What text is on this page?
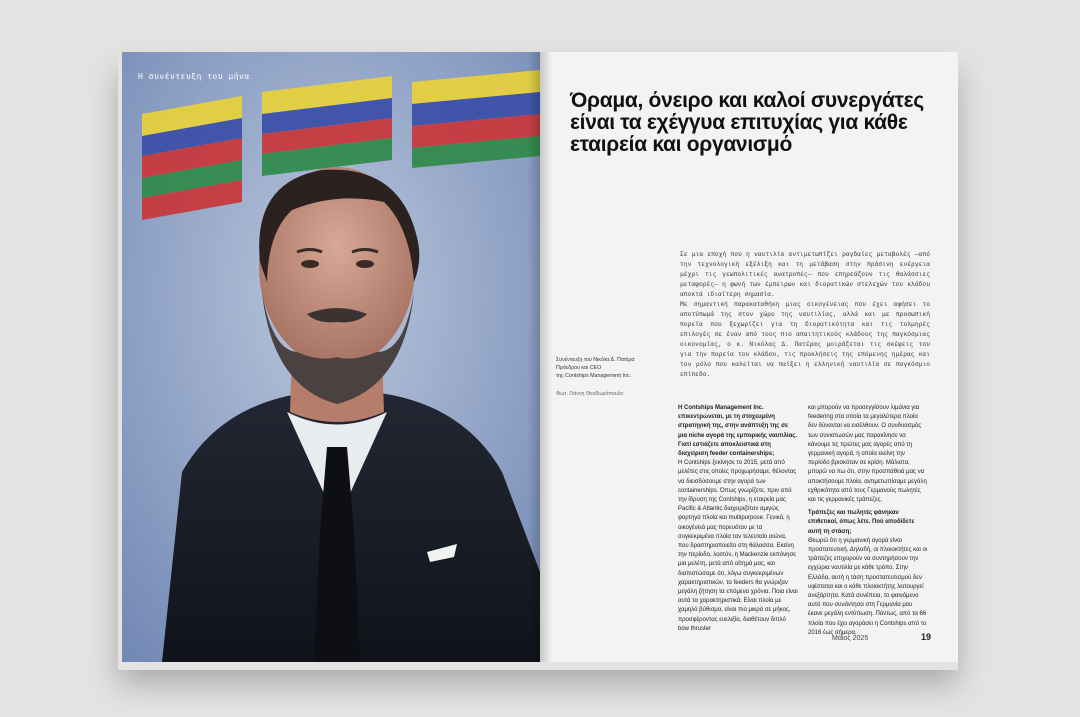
Η συνέντευξη του μήνα
Όραμα, όνειρο και καλοί συνεργάτες είναι τα εχέγγυα επιτυχίας για κάθε εταιρεία και οργανισμό

Σε μια εποχή που η ναυτιλία αντιμετωπίζει ραγδαίες μεταβολές –από την τεχνολογική εξέλιξη και τη μετάβαση στην πράσινη ενέργεια μέχρι τις γεωπολιτικές ανατροπές– που επηρεάζουν τις θαλάσσιες μεταφορές– η φωνή των έμπειρων και διορατικών στελεχών του κλάδου αποκτά ιδιαίτερη σημασία.

Με σημαντική παρακαταθήκη μιας οικογένειας που έχει αφήσει το αποτύπωμά της στον χώρο της ναυτιλίας, αλλά και με προσωπική πορεία που ξεχωρίζει για τη διορατικότητα και τις τολμηρές επιλογές σε έναν από τους πιο απαιτητικούς κλάδους της παγκόσμιας οικονομίας, ο κ. Νικόλας Δ. Πατέρας μοιράζεται τις σκέψεις του για την πορεία του κλάδου, τις προκλήσεις της επόμενης ημέρας και τον ρόλο που καλείται να παίξει η ελληνική ναυτιλία σε παγκόσμιο επίπεδο.

Η Contships Management Inc. επικεντρώνεται, με τη στοχευμένη στρατηγική της, στην ανάπτυξη της σε μια niche αγορά της εμπορικής ναυτιλίας. Γιατί εστιάζετε αποκλειστικά στη διαχείριση feeder containerships;

Η Contships ξεκίνησε το 2015, μετά από μελέτες στις οποίες προχωρήσαμε, θέλοντας να διεισδύσουμε στην αγορά των containerships. Όπως γνωρίζετε, πριν από την ίδρυση της Contships, η εταιρεία μας Pacific & Atlantic διαχειριζόταν αμιγώς φορτηγά πλοία και multipurpose. Γενικά, η οικογένειά μας πορευόταν με τα συγκεκριμένα πλοία τον τελευταίο αιώνα, που δραστηριοποιείτο στη θάλασσα. Εκείνη την περίοδο, λοιπόν, η Mackenzie εκπόνησε μια μελέτη, μετά από αίτημά μας, και διαπιστώσαμε ότι, λόγω συγκεκριμένων χαρακτηριστικών, τα feeders θα γνώριζαν μεγάλη ζήτηση τα επόμενα χρόνια. Ποια είναι αυτά τα χαρακτηριστικά; Είναι πλοία με χαμηλό βύθισμα, είναι πιο μικρά σε μήκος, προσφέροντας ευελιξία, διαθέτουν διπλό bow thruster

και μπορούν να προσεγγίσουν λιμάνια για feedering στα οποία τα μεγαλύτερα πλοία δεν δύνανται να εισέλθουν. Ο συνδυασμός των συνιστωσών μας παρακίνησε να κάνουμε τις πρώτες μας αγορές από τη γερμανική αγορά, η οποία εκείνη την περίοδο βρισκόταν σε κρίση. Μάλιστα, μπορώ να πω ότι, στην προσπάθειά μας να αποκτήσουμε πλοία, αντιμετωπίσαμε μεγάλη εχθρικότητα από τους Γερμανούς πωλητές και τις γερμανικές τράπεζες.

Τράπεζες και πωλητές φάνηκαν επιθετικοί, όπως λέτε. Πού αποδίδετε αυτή τη στάση;

Θεωρώ ότι η γερμανική αγορά είναι προστατευτική. Δηλαδή, οι πλοιοκτήτες και οι τράπεζες επιχειρούν να συντηρήσουν την εγχώρια ναυτιλία με κάθε τρόπο. Στην Ελλάδα, αυτή η τάση προστατευτισμού δεν υφίσταται και ο κάθε πλοιοκτήτης λειτουργεί ανεξάρτητα. Κατά συνέπεια, το φαινόμενο αυτό που συνάντησα στη Γερμανία μου έκανε μεγάλη εντύπωση. Πάντως, από τα 66 πλοία που έχει αγοράσει η Contships από το 2016 έως σήμερα,

Μάιος 2025	19
Συνέντευξη του Νικόλα Δ. Πατέρα
Πρόεδρου και CEO
της Contships Management Inc.
Φωτ. Γιάννη Θεοδωρόπουλο
